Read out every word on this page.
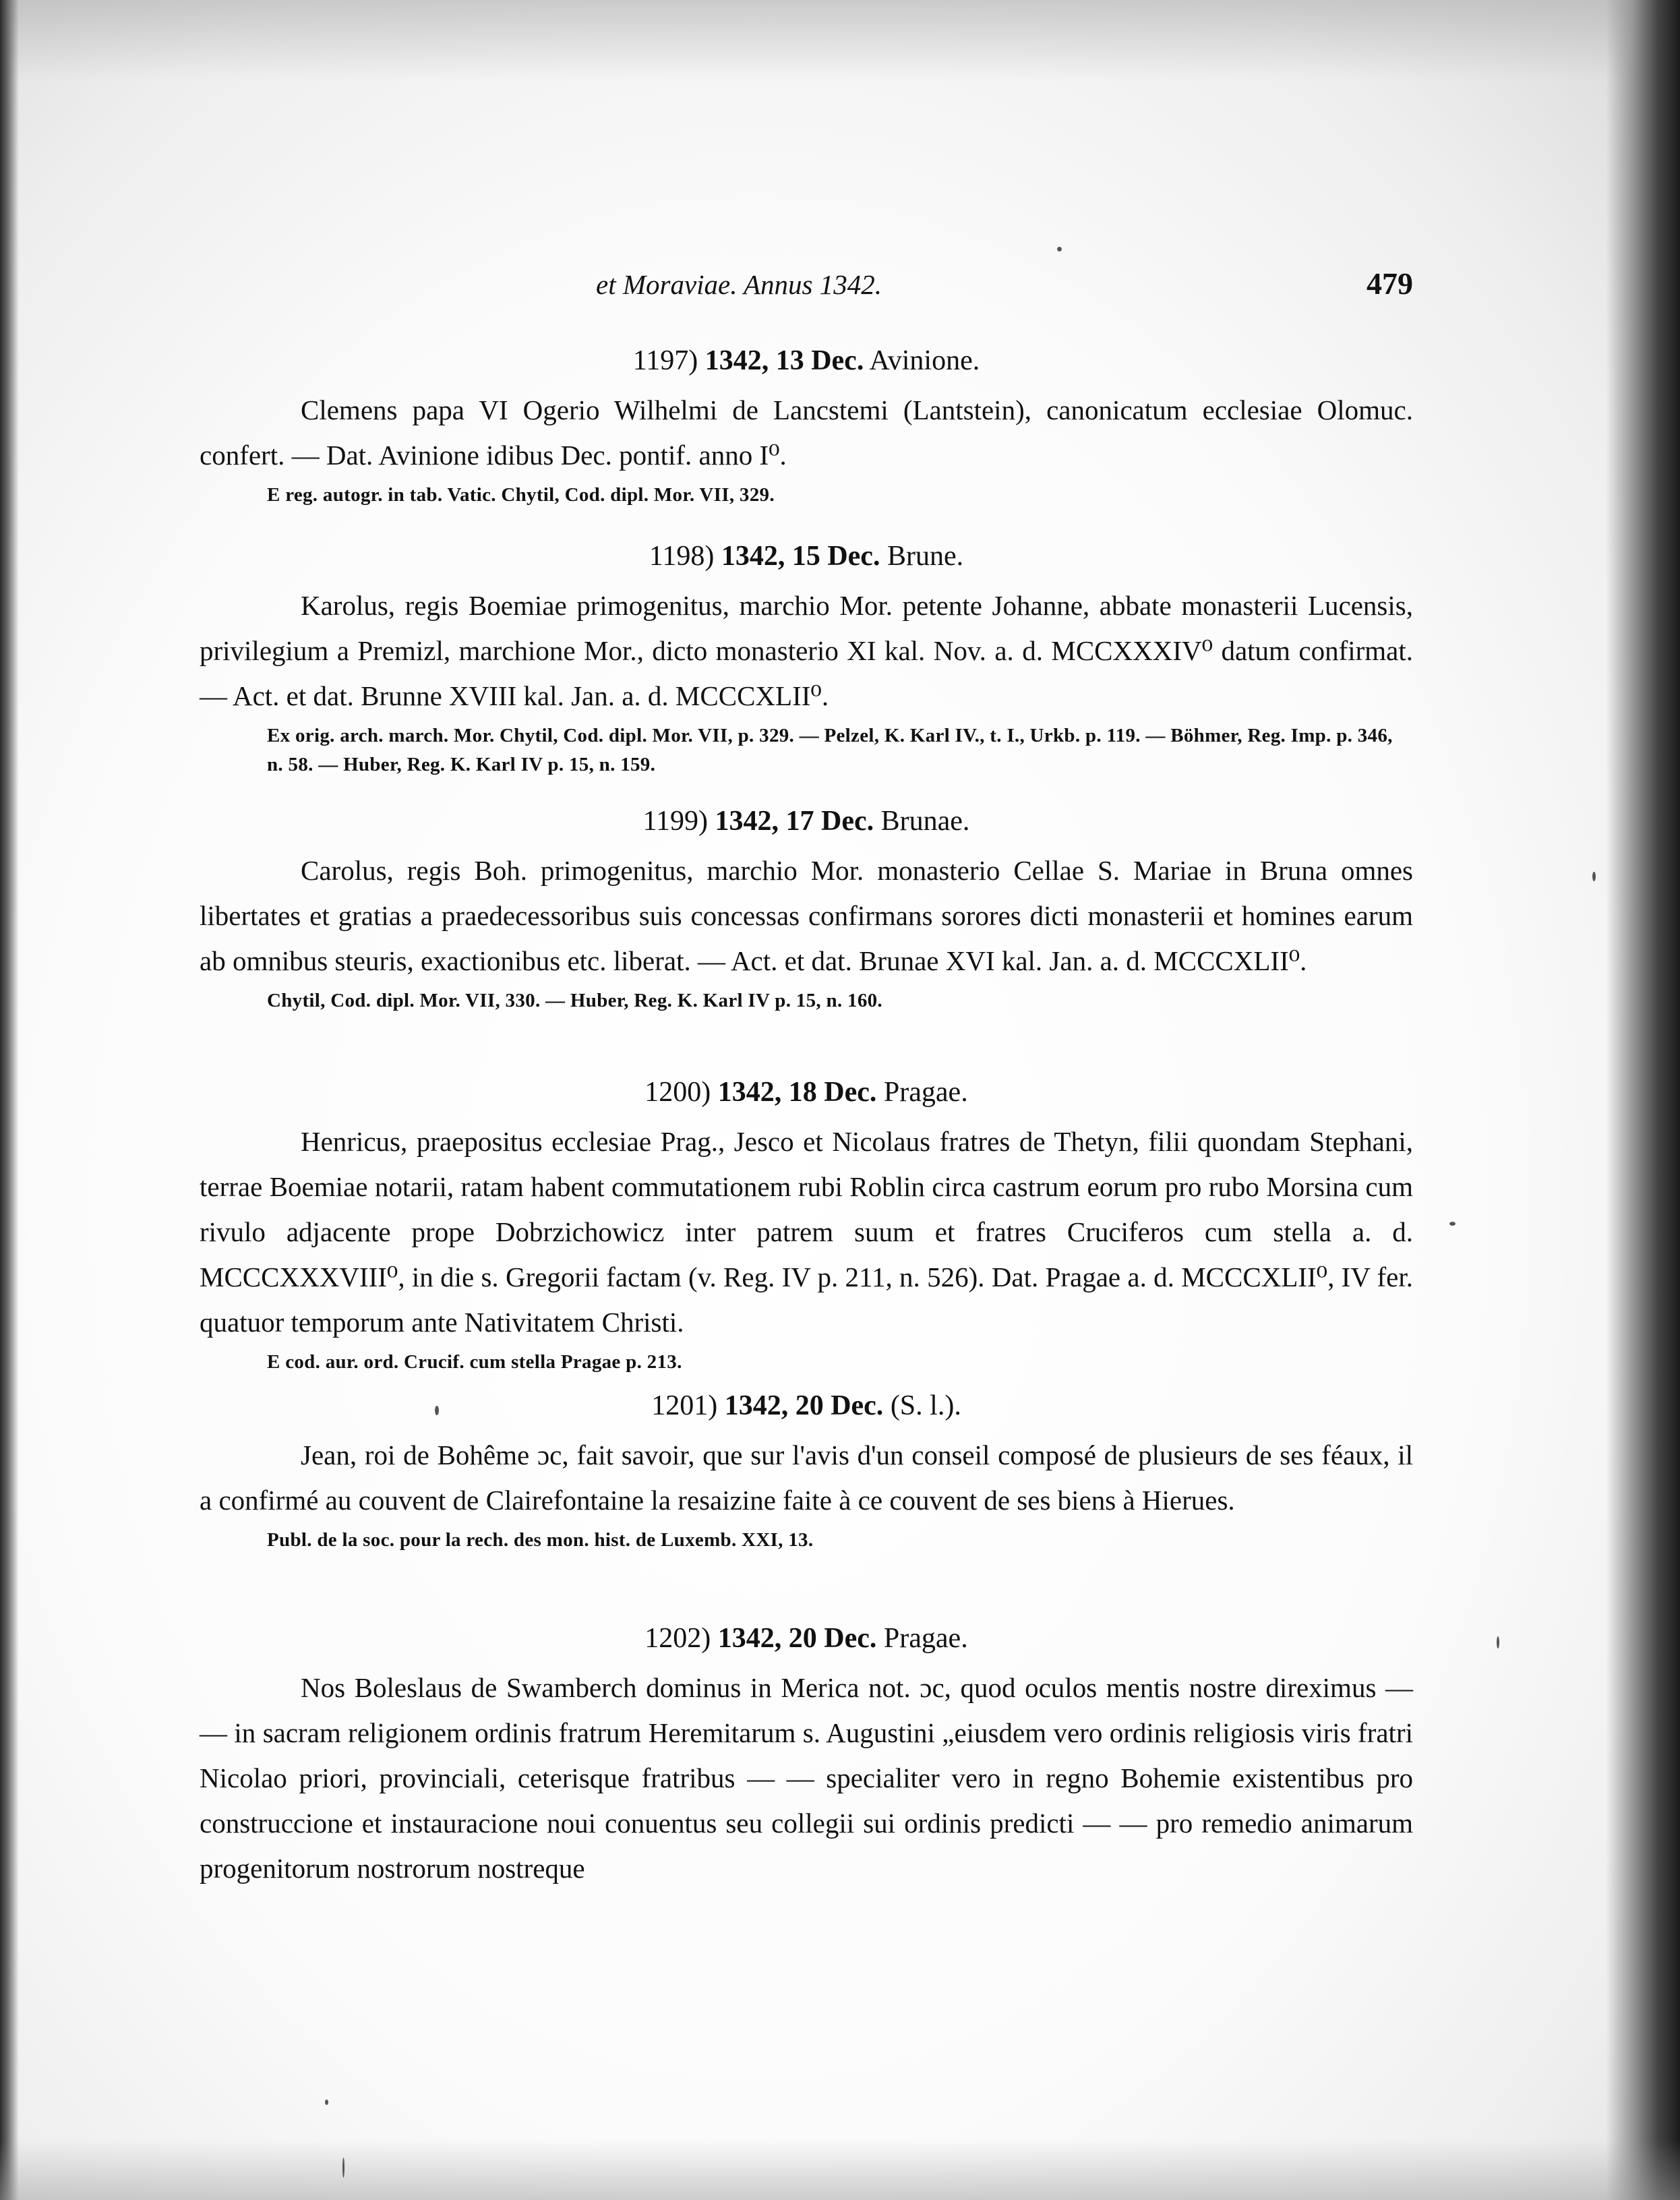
et Moraviae. Annus 1342.	479
1197) 1342, 13 Dec. Avinione.

Clemens papa VI Ogerio Wilhelmi de Lancstemi (Lantstein), canonicatum ecclesiae Olomuc. confert. — Dat. Avinione idibus Dec. pontif. anno I⁰.

E reg. autogr. in tab. Vatic. Chytil, Cod. dipl. Mor. VII, 329.
1198) 1342, 15 Dec. Brune.

Karolus, regis Boemiae primogenitus, marchio Mor. petente Johanne, abbate monasterii Lucensis, privilegium a Premizl, marchione Mor., dicto monasterio XI kal. Nov. a. d. MCCXXXIV⁰ datum confirmat. — Act. et dat. Brunne XVIII kal. Jan. a. d. MCCCXLII⁰.

Ex orig. arch. march. Mor. Chytil, Cod. dipl. Mor. VII, p. 329. — Pelzel, K. Karl IV., t. I., Urkb. p. 119. — Böhmer, Reg. Imp. p. 346, n. 58. — Huber, Reg. K. Karl IV p. 15, n. 159.
1199) 1342, 17 Dec. Brunae.

Carolus, regis Boh. primogenitus, marchio Mor. monasterio Cellae S. Mariae in Bruna omnes libertates et gratias a praedecessoribus suis concessas confirmans sorores dicti monasterii et homines earum ab omnibus steuris, exactionibus etc. liberat. — Act. et dat. Brunae XVI kal. Jan. a. d. MCCCXLII⁰.

Chytil, Cod. dipl. Mor. VII, 330. — Huber, Reg. K. Karl IV p. 15, n. 160.
1200) 1342, 18 Dec. Pragae.

Henricus, praepositus ecclesiae Prag., Jesco et Nicolaus fratres de Thetyn, filii quondam Stephani, terrae Boemiae notarii, ratam habent commutationem rubi Roblin circa castrum eorum pro rubo Morsina cum rivulo adjacente prope Dobrzichowicz inter patrem suum et fratres Cruciferos cum stella a. d. MCCCXXXVIII⁰, in die s. Gregorii factam (v. Reg. IV p. 211, n. 526). Dat. Pragae a. d. MCCCXLII⁰, IV fer. quatuor temporum ante Nativitatem Christi.

E cod. aur. ord. Crucif. cum stella Pragae p. 213.
1201) 1342, 20 Dec. (S. l.).

Jean, roi de Bohême ɔc, fait savoir, que sur l'avis d'un conseil composé de plusieurs de ses féaux, il a confirmé au couvent de Clairefontaine la resaizine faite à ce couvent de ses biens à Hierues.

Publ. de la soc. pour la rech. des mon. hist. de Luxemb. XXI, 13.
1202) 1342, 20 Dec. Pragae.

Nos Boleslaus de Swamberch dominus in Merica not. ɔc, quod oculos mentis nostre direximus — — in sacram religionem ordinis fratrum Heremitarum s. Augustini „eiusdem vero ordinis religiosis viris fratri Nicolao priori, provinciali, ceterisque fratribus — — specialiter vero in regno Bohemie existentibus pro construccione et instauracione noui conuentus seu collegii sui ordinis predicti — — pro remedio animarum progenitorum nostrorum nostreque
